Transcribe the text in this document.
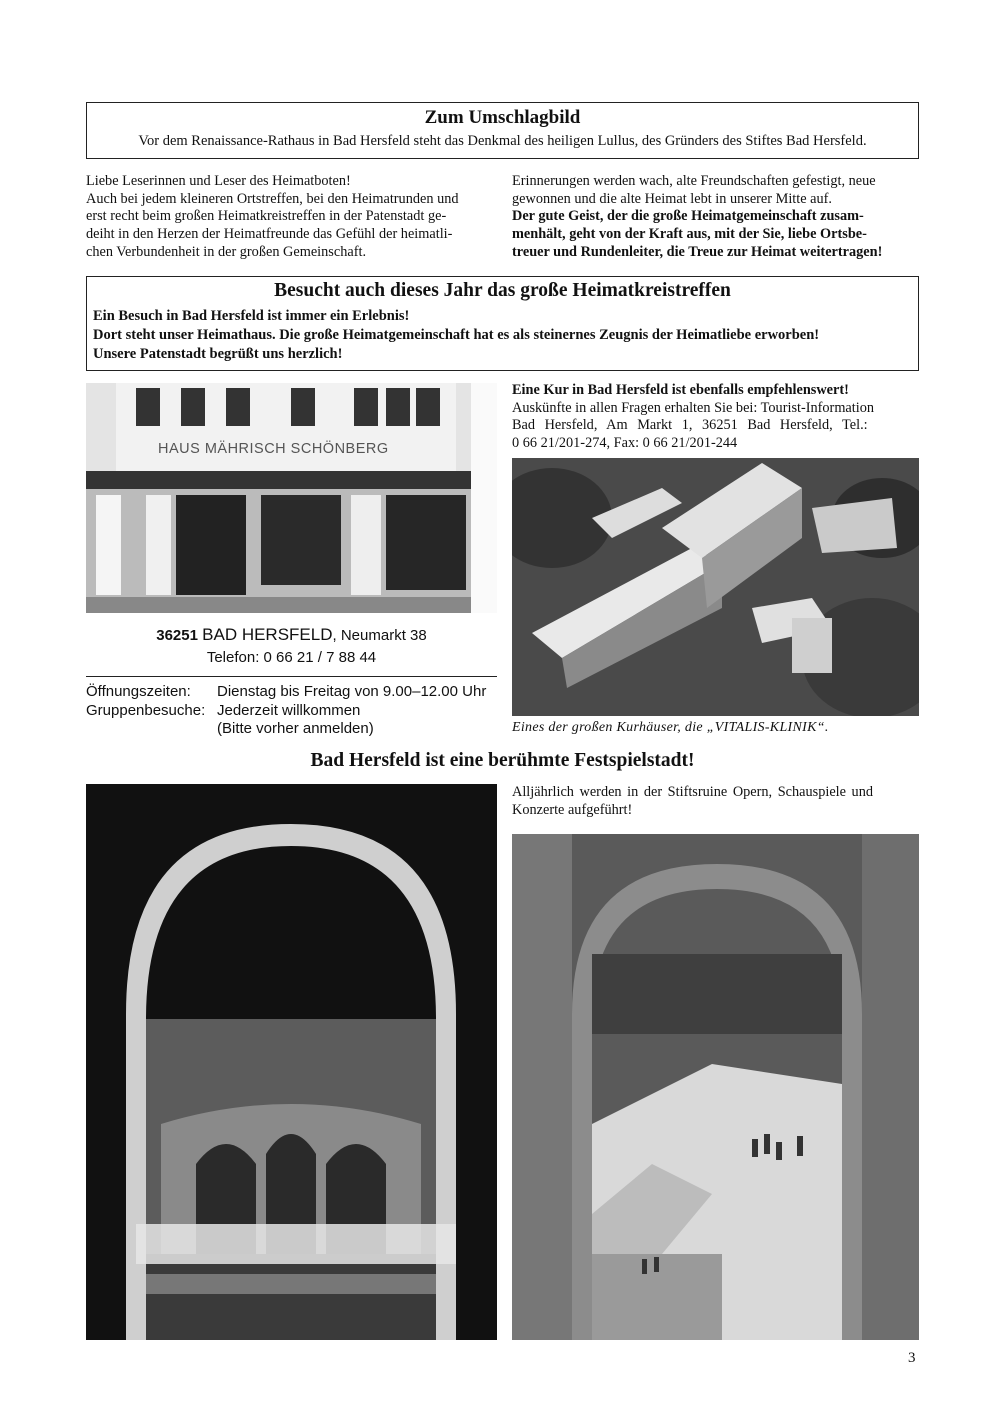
Zum Umschlagbild
Vor dem Renaissance-Rathaus in Bad Hersfeld steht das Denkmal des heiligen Lullus, des Gründers des Stiftes Bad Hersfeld.

Liebe Leserinnen und Leser des Heimatboten!

Auch bei jedem kleineren Ortstreffen, bei den Heimatrunden und

erst recht beim großen Heimatkreistreffen in der Patenstadt ge-

deiht in den Herzen der Heimatfreunde das Gefühl der heimatli-

chen Verbundenheit in der großen Gemeinschaft.

Erinnerungen werden wach, alte Freundschaften gefestigt, neue

gewonnen und die alte Heimat lebt in unserer Mitte auf.

Der gute Geist, der die große Heimatgemeinschaft zusam-

menhält, geht von der Kraft aus, mit der Sie, liebe Ortsbe-

treuer und Rundenleiter, die Treue zur Heimat weitertragen!

Besucht auch dieses Jahr das große Heimatkreistreffen

Ein Besuch in Bad Hersfeld ist immer ein Erlebnis!

Dort steht unser Heimathaus. Die große Heimatgemeinschaft hat es als steinernes Zeugnis der Heimatliebe erworben!

Unsere Patenstadt begrüßt uns herzlich!

HAUS MÄHRISCH SCHÖNBERG
36251 BAD HERSFELD, Neumarkt 38
Telefon: 0 66 21 / 7 88 44
Öffnungszeiten:	Dienstag bis Freitag von 9.00–12.00 Uhr
Gruppenbesuche: Jederzeit willkommen
(Bitte vorher anmelden)

Eine Kur in Bad Hersfeld ist ebenfalls empfehlenswert!

Auskünfte in allen Fragen erhalten Sie bei: Tourist-Information

Bad Hersfeld, Am Markt 1, 36251 Bad Hersfeld, Tel.:

0 66 21/201-274, Fax: 0 66 21/201-244

Eines der großen Kurhäuser, die „VITALIS-KLINIK“.
Bad Hersfeld ist eine berühmte Festspielstadt!

Alljährlich werden in der Stiftsruine Opern, Schauspiele und

Konzerte aufgeführt!

3
